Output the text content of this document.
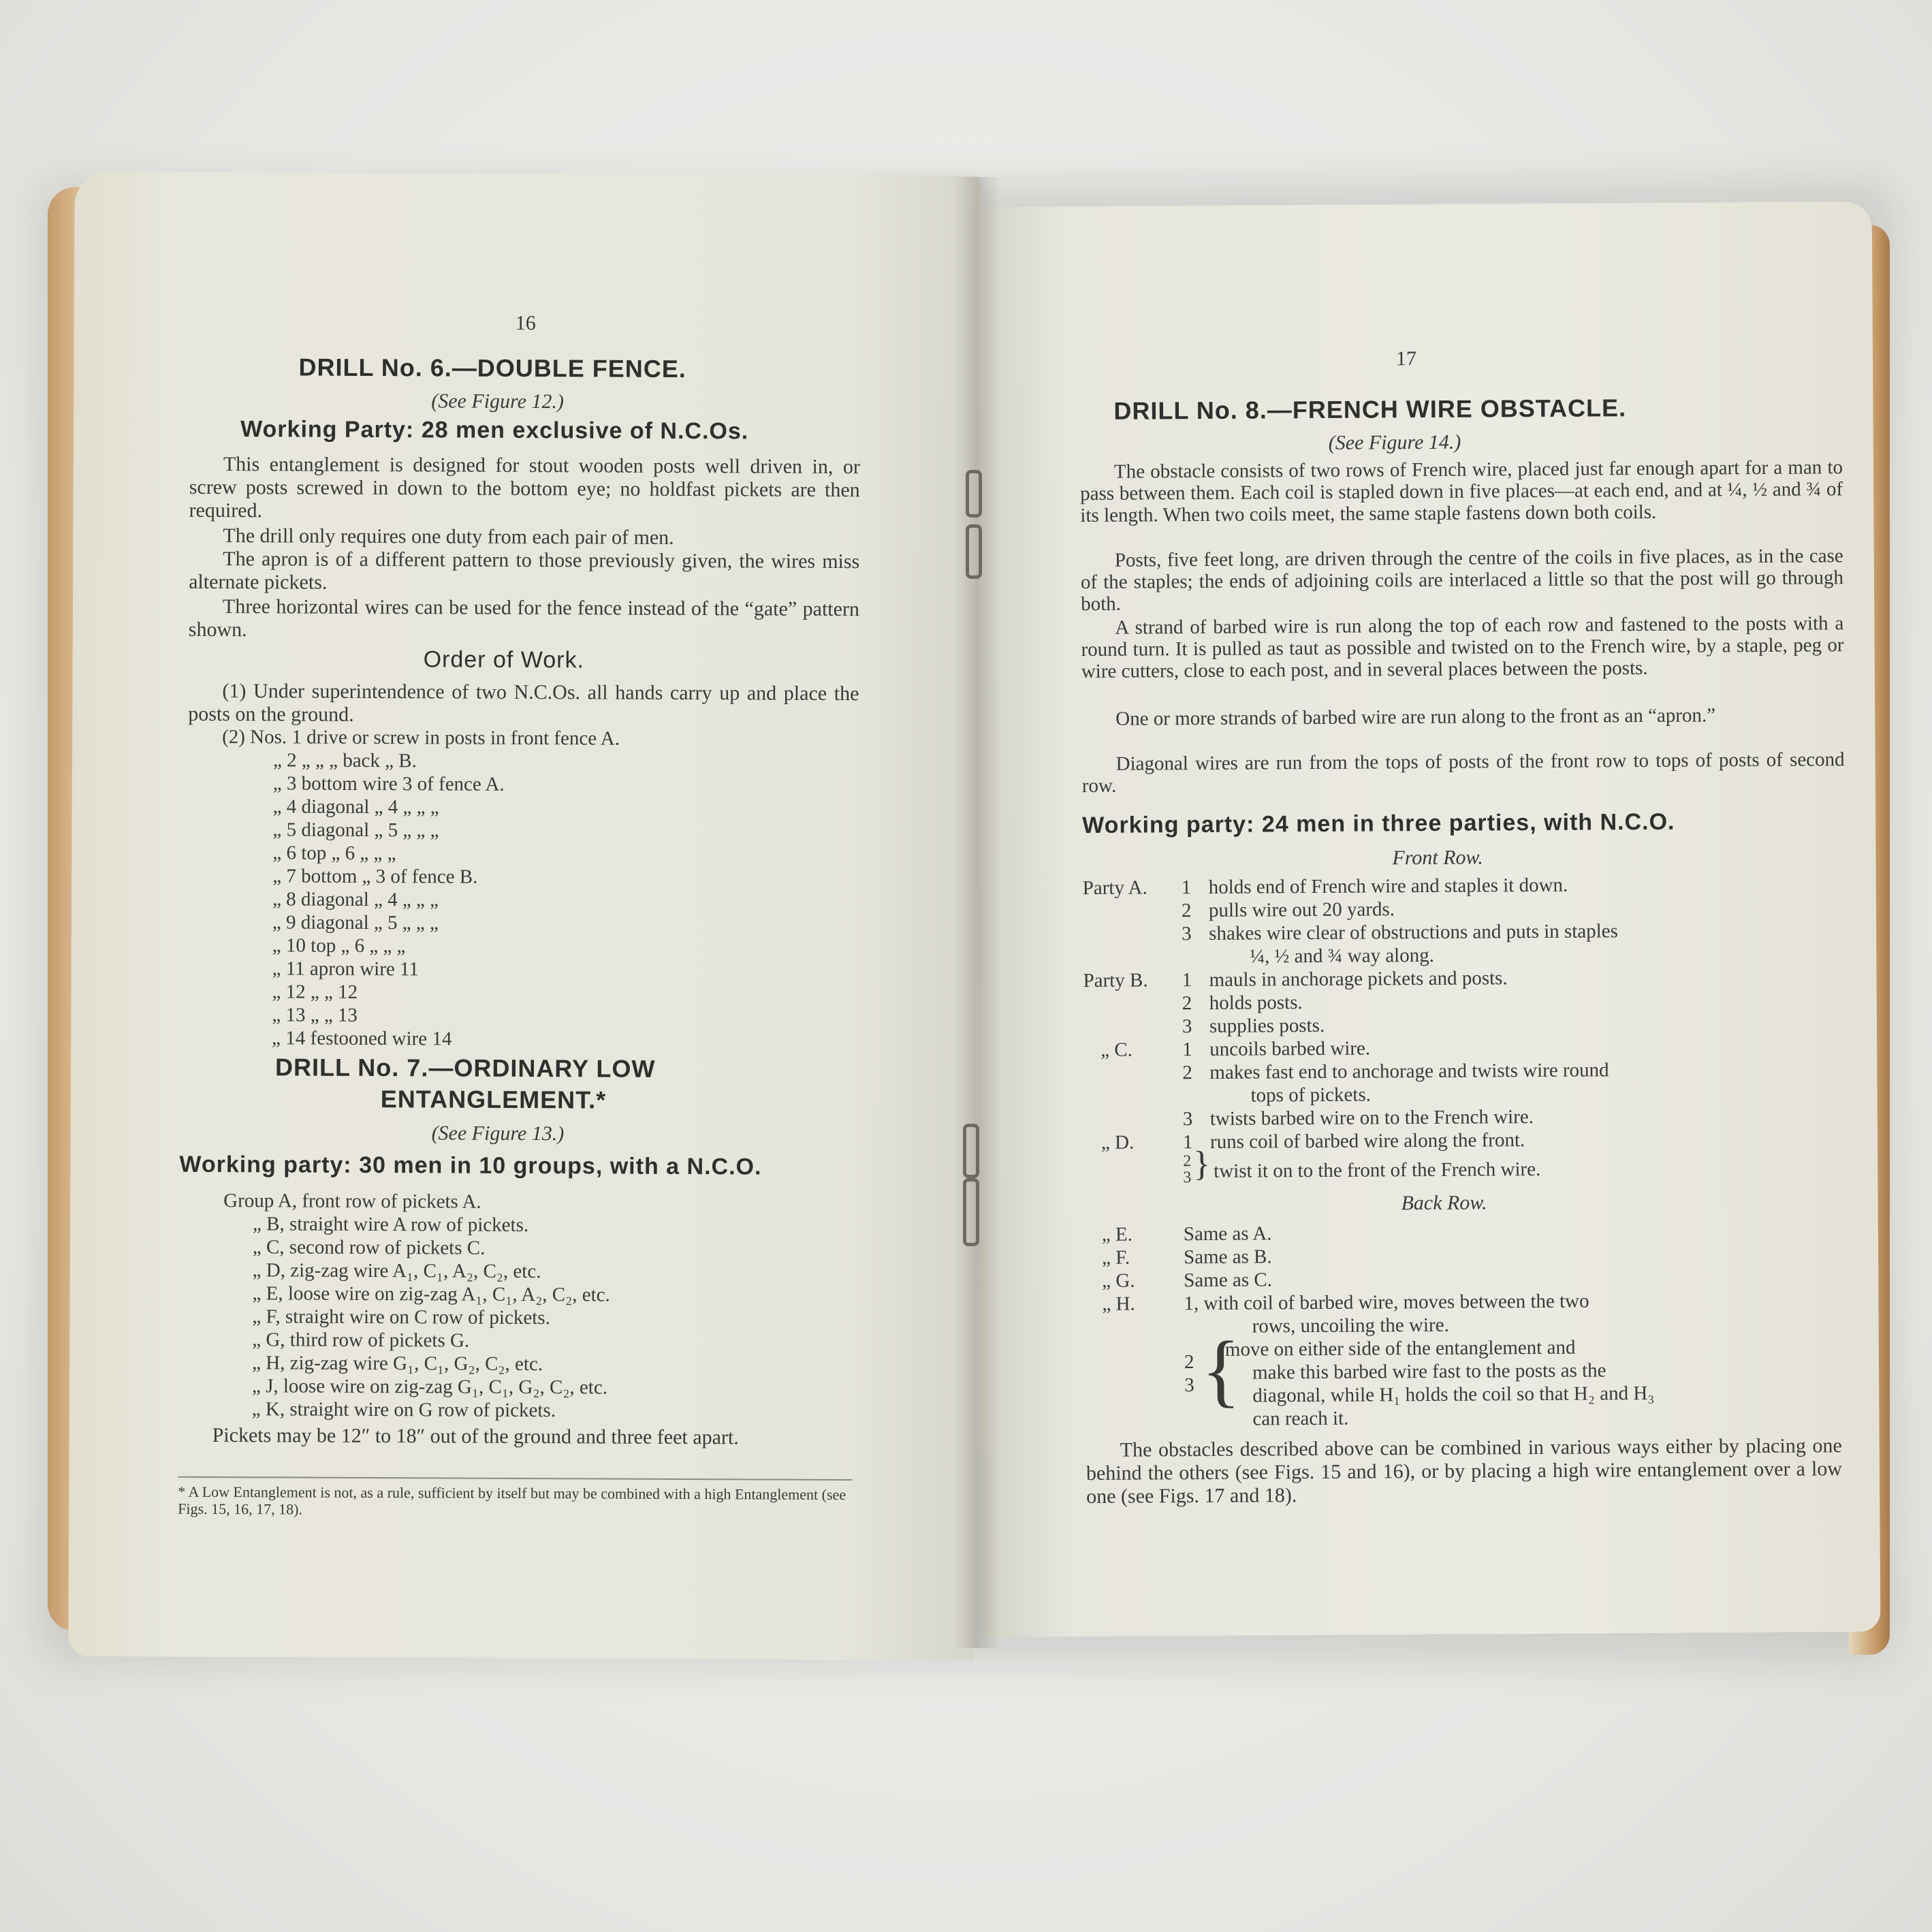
16
DRILL No. 6.—DOUBLE FENCE.
(See Figure 12.)
Working Party: 28 men exclusive of N.C.Os.
This entanglement is designed for stout wooden posts well driven in, or screw posts screwed in down to the bottom eye; no holdfast pickets are then required.
The drill only requires one duty from each pair of men.
The apron is of a different pattern to those previously given, the wires miss alternate pickets.
Three horizontal wires can be used for the fence instead of the “gate” pattern shown.
Order of Work.
(1) Under superintendence of two N.C.Os. all hands carry up and place the posts on the ground.
(2) Nos. 1 drive or screw in posts in front fence A.
„ 2 „ „ „ back „ B.
„ 3 bottom wire 3 of fence A.
„ 4 diagonal „ 4 „ „ „
„ 5 diagonal „ 5 „ „ „
„ 6 top „ 6 „ „ „
„ 7 bottom „ 3 of fence B.
„ 8 diagonal „ 4 „ „ „
„ 9 diagonal „ 5 „ „ „
„ 10 top „ 6 „ „ „
„ 11 apron wire 11
„ 12 „ „ 12
„ 13 „ „ 13
„ 14 festooned wire 14
DRILL No. 7.—ORDINARY LOW
ENTANGLEMENT.*
(See Figure 13.)
Working party: 30 men in 10 groups, with a N.C.O.
Group A, front row of pickets A.
„ B, straight wire A row of pickets.
„ C, second row of pickets C.
„ D, zig-zag wire A₁, C₁, A₂, C₂, etc.
„ E, loose wire on zig-zag A₁, C₁, A₂, C₂, etc.
„ F, straight wire on C row of pickets.
„ G, third row of pickets G.
„ H, zig-zag wire G₁, C₁, G₂, C₂, etc.
„ J, loose wire on zig-zag G₁, C₁, G₂, C₂, etc.
„ K, straight wire on G row of pickets.
Pickets may be 12″ to 18″ out of the ground and three feet apart.
* A Low Entanglement is not, as a rule, sufficient by itself but may be combined with a high Entanglement (see Figs. 15, 16, 17, 18).
17
DRILL No. 8.—FRENCH WIRE OBSTACLE.
(See Figure 14.)
The obstacle consists of two rows of French wire, placed just far enough apart for a man to pass between them. Each coil is stapled down in five places—at each end, and at ¼, ½ and ¾ of its length. When two coils meet, the same staple fastens down both coils.
Posts, five feet long, are driven through the centre of the coils in five places, as in the case of the staples; the ends of adjoining coils are interlaced a little so that the post will go through both.
A strand of barbed wire is run along the top of each row and fastened to the posts with a round turn. It is pulled as taut as possible and twisted on to the French wire, by a staple, peg or wire cutters, close to each post, and in several places between the posts.
One or more strands of barbed wire are run along to the front as an “apron.”
Diagonal wires are run from the tops of posts of the front row to tops of posts of second row.
Working party: 24 men in three parties, with N.C.O.
Front Row.
Party A. 1 holds end of French wire and staples it down.
2 pulls wire out 20 yards.
3 shakes wire clear of obstructions and puts in staples
¼, ½ and ¾ way along.
Party B. 1 mauls in anchorage pickets and posts.
2 holds posts.
3 supplies posts.
„ C.	1 uncoils barbed wire.
2 makes fast end to anchorage and twists wire round
tops of pickets.
3 twists barbed wire on to the French wire.
„ D. 1 runs coil of barbed wire along the front.
2
3 } twist it on to the front of the French wire.
Back Row.
„ E.	Same as A.
„ F.	Same as B.
„ G. Same as C.
„ H. 1, with coil of barbed wire, moves between the two
rows, uncoiling the wire.
2
3 {
move on either side of the entanglement and
make this barbed wire fast to the posts as the
diagonal, while H₁ holds the coil so that H₂ and H₃
can reach it.
The obstacles described above can be combined in various ways either by placing one behind the others (see Figs. 15 and 16), or by placing a high wire entanglement over a low one (see Figs. 17 and 18).
